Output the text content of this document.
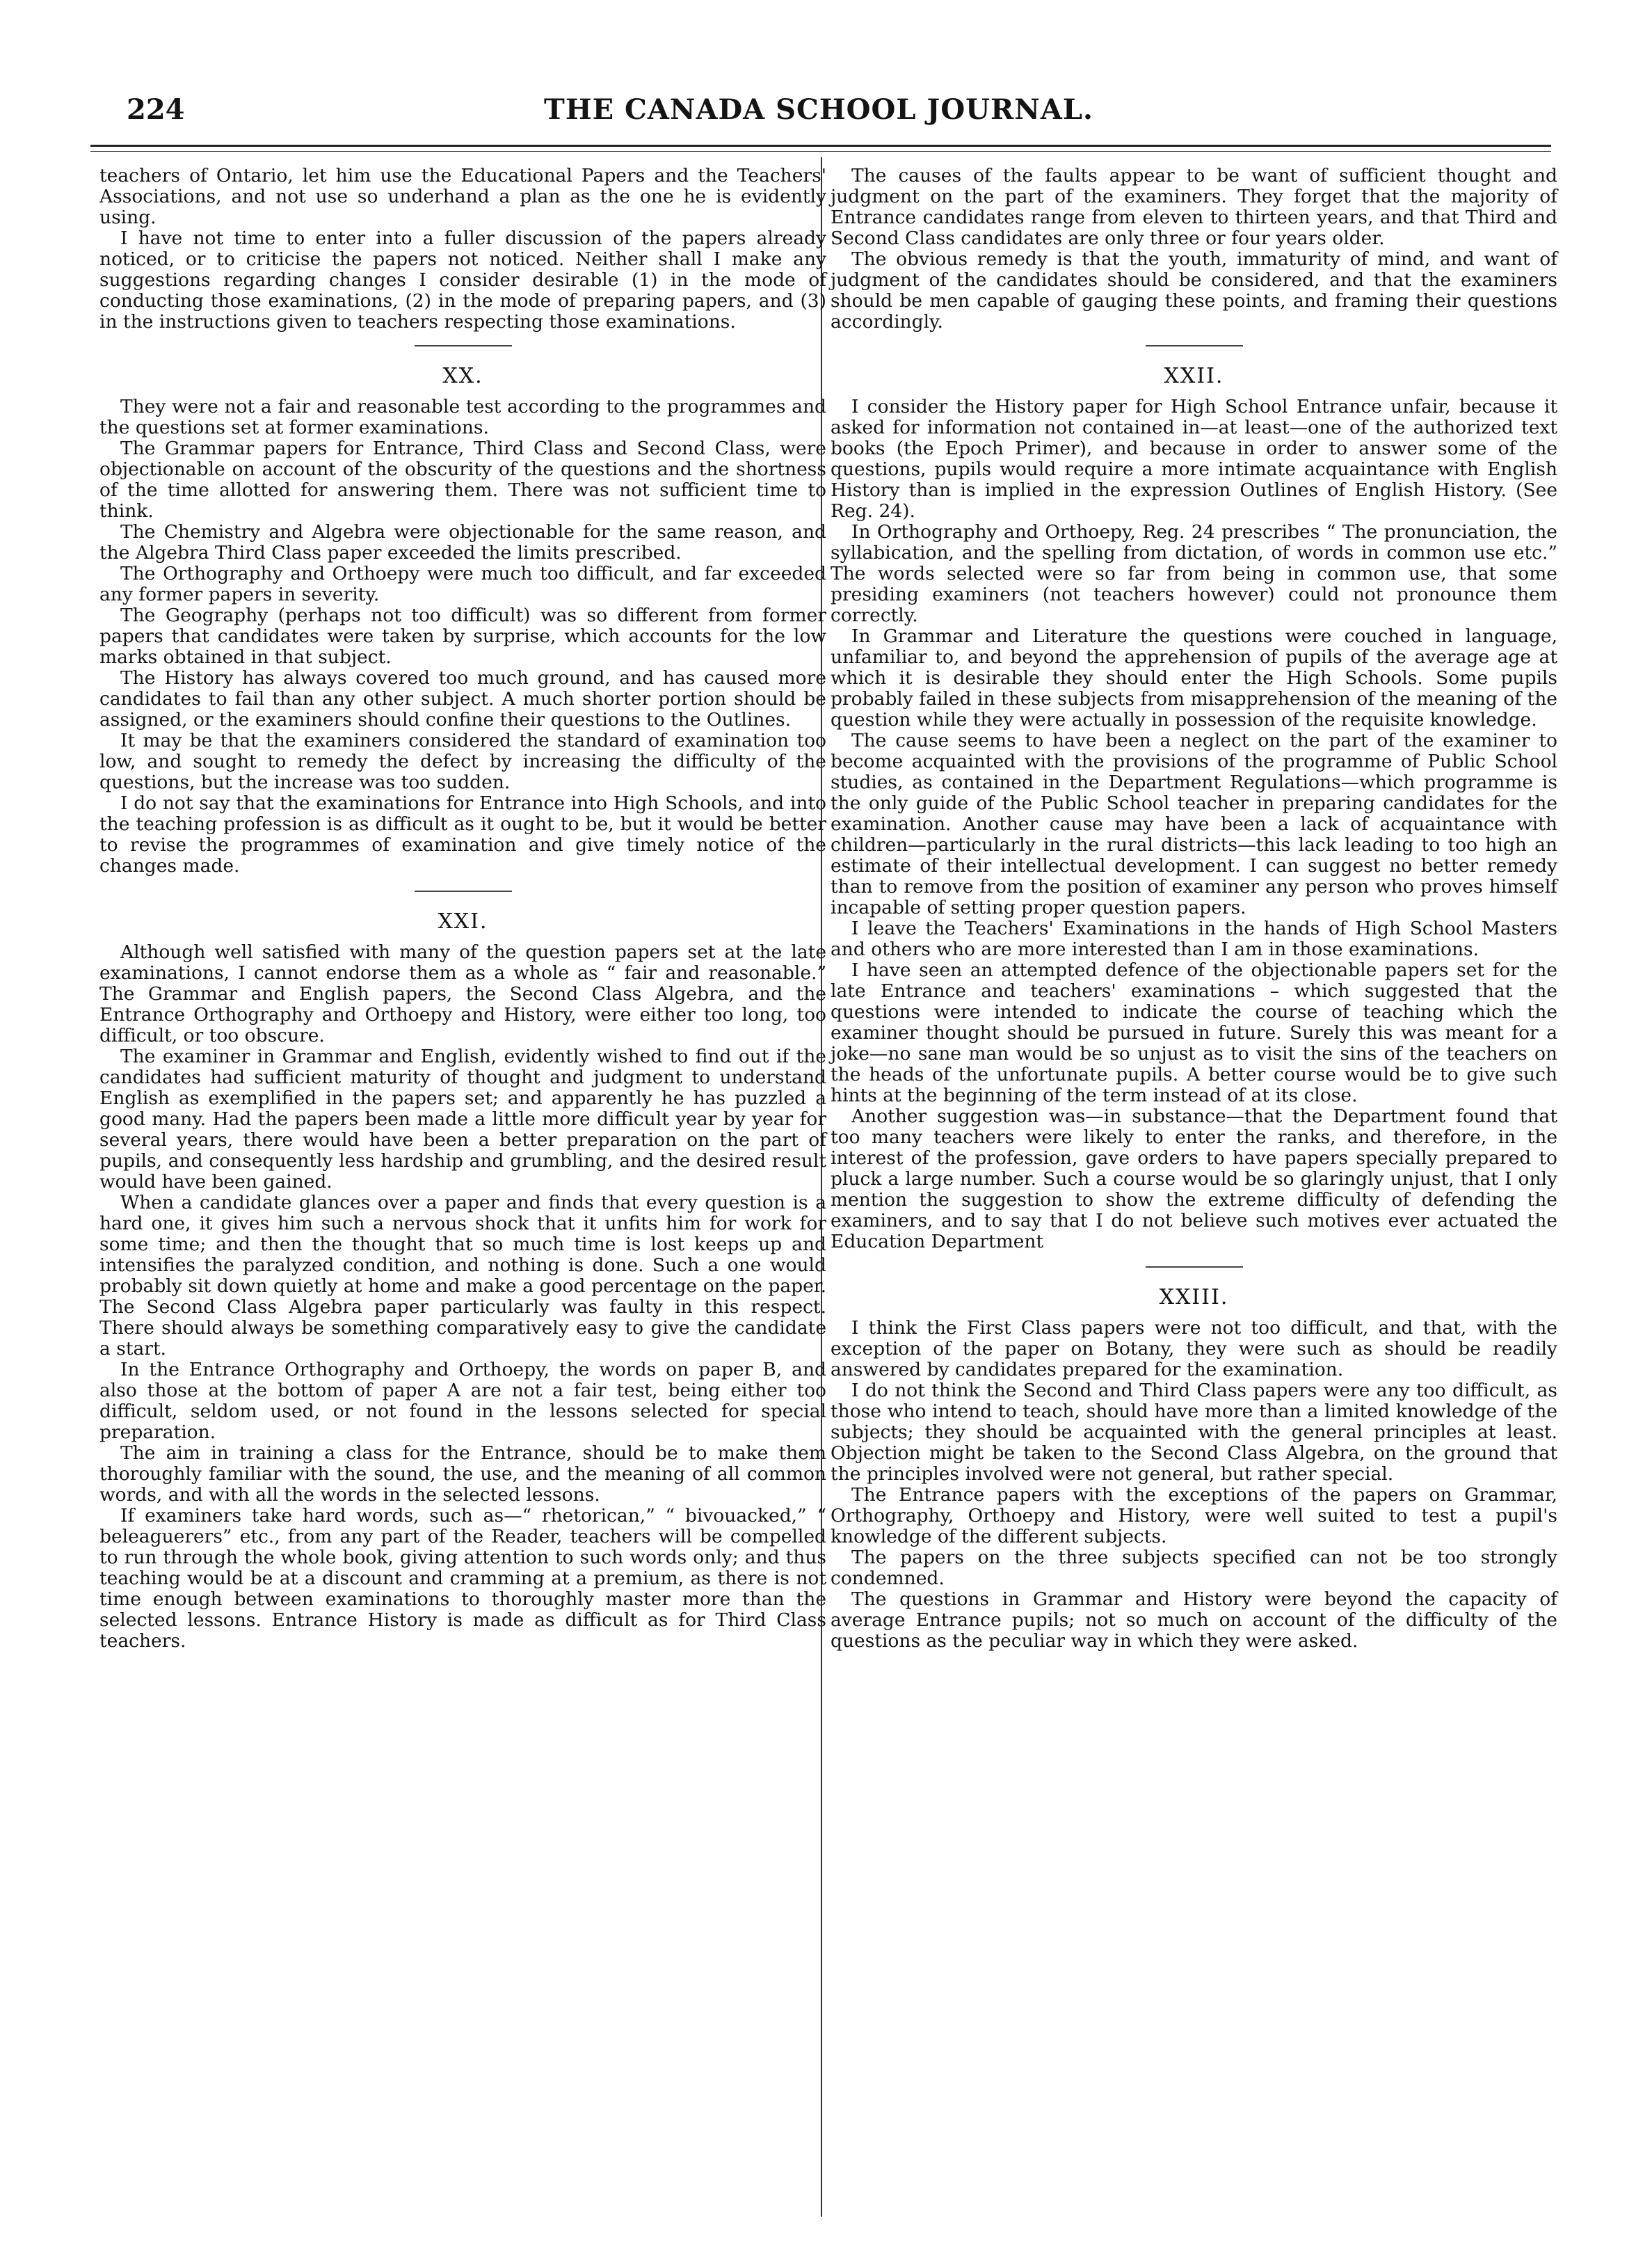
224	THE CANADA SCHOOL JOURNAL.

teachers of Ontario, let him use the Educational Papers and the Teachers' Associations, and not use so underhand a plan as the one he is evidently using.

I have not time to enter into a fuller discussion of the papers already noticed, or to criticise the papers not noticed. Neither shall I make any suggestions regarding changes I consider desirable (1) in the mode of conducting those examinations, (2) in the mode of preparing papers, and (3) in the instructions given to teachers respecting those examinations.

XX.

They were not a fair and reasonable test according to the programmes and the questions set at former examinations.

The Grammar papers for Entrance, Third Class and Second Class, were objectionable on account of the obscurity of the questions and the shortness of the time allotted for answering them. There was not sufficient time to think.

The Chemistry and Algebra were objectionable for the same reason, and the Algebra Third Class paper exceeded the limits prescribed.

The Orthography and Orthoepy were much too difficult, and far exceeded any former papers in severity.

The Geography (perhaps not too difficult) was so different from former papers that candidates were taken by surprise, which accounts for the low marks obtained in that subject.

The History has always covered too much ground, and has caused more candidates to fail than any other subject. A much shorter portion should be assigned, or the examiners should confine their questions to the Outlines.

It may be that the examiners considered the standard of examination too low, and sought to remedy the defect by increasing the difficulty of the questions, but the increase was too sudden.

I do not say that the examinations for Entrance into High Schools, and into the teaching profession is as difficult as it ought to be, but it would be better to revise the programmes of examination and give timely notice of the changes made.

XXI.

Although well satisfied with many of the question papers set at the late examinations, I cannot endorse them as a whole as “ fair and reasonable.” The Grammar and English papers, the Second Class Algebra, and the Entrance Orthography and Orthoepy and History, were either too long, too difficult, or too obscure.

The examiner in Grammar and English, evidently wished to find out if the candidates had sufficient maturity of thought and judgment to understand English as exemplified in the papers set; and apparently he has puzzled a good many. Had the papers been made a little more difficult year by year for several years, there would have been a better preparation on the part of pupils, and consequently less hardship and grumbling, and the desired result would have been gained.

When a candidate glances over a paper and finds that every question is a hard one, it gives him such a nervous shock that it unfits him for work for some time; and then the thought that so much time is lost keeps up and intensifies the paralyzed condition, and nothing is done. Such a one would probably sit down quietly at home and make a good percentage on the paper. The Second Class Algebra paper particularly was faulty in this respect. There should always be something comparatively easy to give the candidate a start.

In the Entrance Orthography and Orthoepy, the words on paper B, and also those at the bottom of paper A are not a fair test, being either too difficult, seldom used, or not found in the lessons selected for special preparation.

The aim in training a class for the Entrance, should be to make them thoroughly familiar with the sound, the use, and the meaning of all common words, and with all the words in the selected lessons.

If examiners take hard words, such as—“ rhetorican,” “ bivouacked,” “ beleaguerers” etc., from any part of the Reader, teachers will be compelled to run through the whole book, giving attention to such words only; and thus teaching would be at a discount and cramming at a premium, as there is not time enough between examinations to thoroughly master more than the selected lessons. Entrance History is made as difficult as for Third Class teachers.

The causes of the faults appear to be want of sufficient thought and judgment on the part of the examiners. They forget that the majority of Entrance candidates range from eleven to thirteen years, and that Third and Second Class candidates are only three or four years older.

The obvious remedy is that the youth, immaturity of mind, and want of judgment of the candidates should be considered, and that the examiners should be men capable of gauging these points, and framing their questions accordingly.

XXII.

I consider the History paper for High School Entrance unfair, because it asked for information not contained in—at least—one of the authorized text books (the Epoch Primer), and because in order to answer some of the questions, pupils would require a more intimate acquaintance with English History than is implied in the expression Outlines of English History. (See Reg. 24).

In Orthography and Orthoepy, Reg. 24 prescribes “ The pronunciation, the syllabication, and the spelling from dictation, of words in common use etc.” The words selected were so far from being in common use, that some presiding examiners (not teachers however) could not pronounce them correctly.

In Grammar and Literature the questions were couched in language, unfamiliar to, and beyond the apprehension of pupils of the average age at which it is desirable they should enter the High Schools. Some pupils probably failed in these subjects from misapprehension of the meaning of the question while they were actually in possession of the requisite knowledge.

The cause seems to have been a neglect on the part of the examiner to become acquainted with the provisions of the programme of Public School studies, as contained in the Department Regulations—which programme is the only guide of the Public School teacher in preparing candidates for the examination. Another cause may have been a lack of acquaintance with children—particularly in the rural districts—this lack leading to too high an estimate of their intellectual development. I can suggest no better remedy than to remove from the position of examiner any person who proves himself incapable of setting proper question papers.

I leave the Teachers' Examinations in the hands of High School Masters and others who are more interested than I am in those examinations.

I have seen an attempted defence of the objectionable papers set for the late Entrance and teachers' examinations – which suggested that the questions were intended to indicate the course of teaching which the examiner thought should be pursued in future. Surely this was meant for a joke—no sane man would be so unjust as to visit the sins of the teachers on the heads of the unfortunate pupils. A better course would be to give such hints at the beginning of the term instead of at its close.

Another suggestion was—in substance—that the Department found that too many teachers were likely to enter the ranks, and therefore, in the interest of the profession, gave orders to have papers specially prepared to pluck a large number. Such a course would be so glaringly unjust, that I only mention the suggestion to show the extreme difficulty of defending the examiners, and to say that I do not believe such motives ever actuated the Education Department

XXIII.

I think the First Class papers were not too difficult, and that, with the exception of the paper on Botany, they were such as should be readily answered by candidates prepared for the examination.

I do not think the Second and Third Class papers were any too difficult, as those who intend to teach, should have more than a limited knowledge of the subjects; they should be acquainted with the general principles at least. Objection might be taken to the Second Class Algebra, on the ground that the principles involved were not general, but rather special.

The Entrance papers with the exceptions of the papers on Grammar, Orthography, Orthoepy and History, were well suited to test a pupil's knowledge of the different subjects.

The papers on the three subjects specified can not be too strongly condemned.

The questions in Grammar and History were beyond the capacity of average Entrance pupils; not so much on account of the difficulty of the questions as the peculiar way in which they were asked.
